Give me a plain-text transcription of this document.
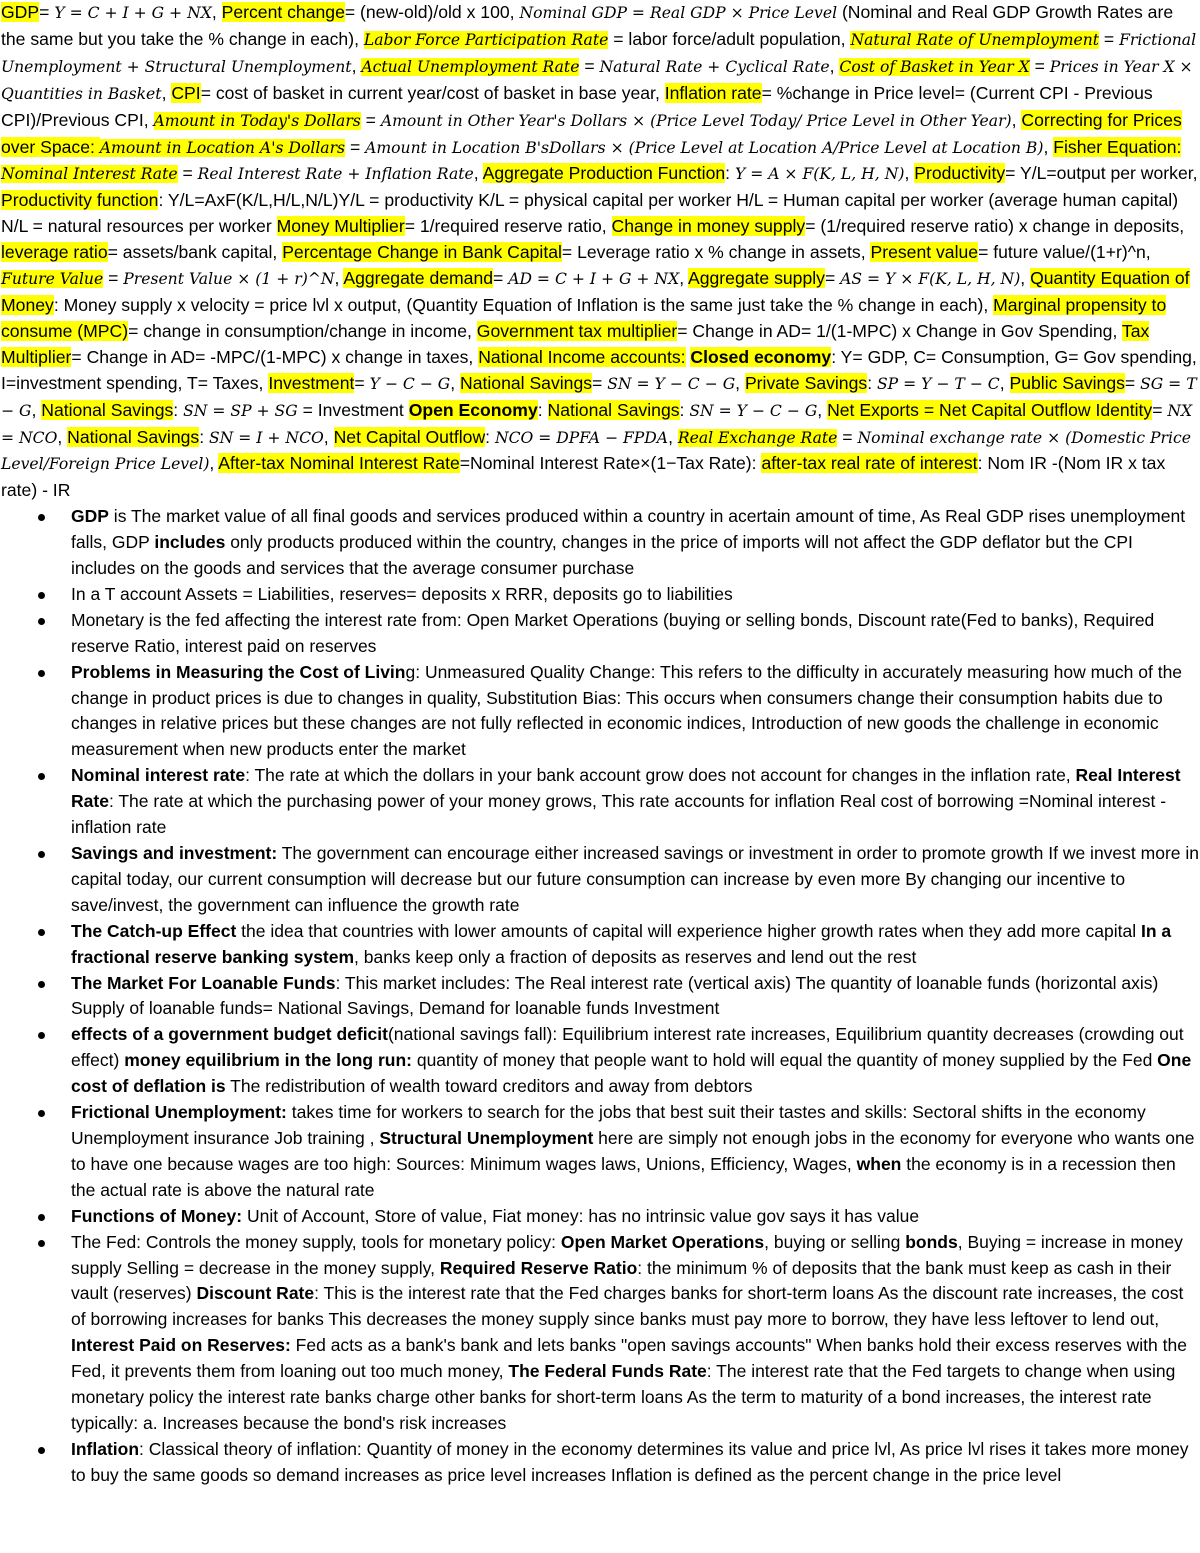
GDP= Y = C + I + G + NX, Percent change= (new-old)/old x 100, Nominal GDP = Real GDP × Price Level (Nominal and Real GDP Growth Rates are the same but you take the % change in each), Labor Force Participation Rate = labor force/adult population, Natural Rate of Unemployment = Frictional Unemployment + Structural Unemployment, Actual Unemployment Rate = Natural Rate + Cyclical Rate, Cost of Basket in Year X = Prices in Year X × Quantities in Basket, CPI= cost of basket in current year/cost of basket in base year, Inflation rate= %change in Price level= (Current CPI - Previous CPI)/Previous CPI, Amount in Today's Dollars = Amount in Other Year's Dollars × (Price Level Today/ Price Level in Other Year), Correcting for Prices over Space: Amount in Location A's Dollars = Amount in Location B'sDollars × (Price Level at Location A/Price Level at Location B), Fisher Equation: Nominal Interest Rate = Real Interest Rate + Inflation Rate, Aggregate Production Function: Y = A × F(K, L, H, N), Productivity= Y/L=output per worker, Productivity function: Y/L=AxF(K/L,H/L,N/L)Y/L = productivity K/L = physical capital per worker H/L = Human capital per worker (average human capital) N/L = natural resources per worker Money Multiplier= 1/required reserve ratio, Change in money supply= (1/required reserve ratio) x change in deposits, leverage ratio= assets/bank capital, Percentage Change in Bank Capital= Leverage ratio x % change in assets, Present value= future value/(1+r)^n, Future Value = Present Value × (1 + r)^N, Aggregate demand= AD = C + I + G + NX, Aggregate supply= AS = Y × F(K, L, H, N), Quantity Equation of Money: Money supply x velocity = price lvl x output, (Quantity Equation of Inflation is the same just take the % change in each), Marginal propensity to consume (MPC)= change in consumption/change in income, Government tax multiplier= Change in AD= 1/(1-MPC) x Change in Gov Spending, Tax Multiplier= Change in AD= -MPC/(1-MPC) x change in taxes, National Income accounts: Closed economy: Y= GDP, C= Consumption, G= Gov spending, I=investment spending, T= Taxes, Investment= Y − C − G, National Savings= SN = Y − C − G, Private Savings: SP = Y − T − C, Public Savings= SG = T − G, National Savings: SN = SP + SG = Investment Open Economy: National Savings: SN = Y − C − G, Net Exports = Net Capital Outflow Identity= NX = NCO, National Savings: SN = I + NCO, Net Capital Outflow: NCO = DPFA − FPDA, Real Exchange Rate = Nominal exchange rate × (Domestic Price Level/Foreign Price Level), After-tax Nominal Interest Rate=Nominal Interest Rate×(1−Tax Rate): after-tax real rate of interest: Nom IR -(Nom IR x tax rate) - IR

GDP is The market value of all final goods and services produced within a country in acertain amount of time, As Real GDP rises unemployment falls, GDP includes only products produced within the country, changes in the price of imports will not affect the GDP deflator but the CPI includes on the goods and services that the average consumer purchase
In a T account Assets = Liabilities, reserves= deposits x RRR, deposits go to liabilities
Monetary is the fed affecting the interest rate from: Open Market Operations (buying or selling bonds, Discount rate(Fed to banks), Required reserve Ratio, interest paid on reserves
Problems in Measuring the Cost of Living: Unmeasured Quality Change: This refers to the difficulty in accurately measuring how much of the change in product prices is due to changes in quality, Substitution Bias: This occurs when consumers change their consumption habits due to changes in relative prices but these changes are not fully reflected in economic indices, Introduction of new goods the challenge in economic measurement when new products enter the market
Nominal interest rate: The rate at which the dollars in your bank account grow does not account for changes in the inflation rate, Real Interest Rate: The rate at which the purchasing power of your money grows, This rate accounts for inflation Real cost of borrowing =Nominal interest - inflation rate
Savings and investment: The government can encourage either increased savings or investment in order to promote growth If we invest more in capital today, our current consumption will decrease but our future consumption can increase by even more By changing our incentive to save/invest, the government can influence the growth rate
The Catch-up Effect the idea that countries with lower amounts of capital will experience higher growth rates when they add more capital In a fractional reserve banking system, banks keep only a fraction of deposits as reserves and lend out the rest
The Market For Loanable Funds: This market includes: The Real interest rate (vertical axis) The quantity of loanable funds (horizontal axis) Supply of loanable funds= National Savings, Demand for loanable funds Investment
effects of a government budget deficit(national savings fall): Equilibrium interest rate increases, Equilibrium quantity decreases (crowding out effect) money equilibrium in the long run: quantity of money that people want to hold will equal the quantity of money supplied by the Fed One cost of deflation is The redistribution of wealth toward creditors and away from debtors
Frictional Unemployment: takes time for workers to search for the jobs that best suit their tastes and skills: Sectoral shifts in the economy Unemployment insurance Job training , Structural Unemployment here are simply not enough jobs in the economy for everyone who wants one to have one because wages are too high: Sources: Minimum wages laws, Unions, Efficiency, Wages, when the economy is in a recession then the actual rate is above the natural rate
Functions of Money: Unit of Account, Store of value, Fiat money: has no intrinsic value gov says it has value
The Fed: Controls the money supply, tools for monetary policy: Open Market Operations, buying or selling bonds, Buying = increase in money supply Selling = decrease in the money supply, Required Reserve Ratio: the minimum % of deposits that the bank must keep as cash in their vault (reserves) Discount Rate: This is the interest rate that the Fed charges banks for short-term loans As the discount rate increases, the cost of borrowing increases for banks This decreases the money supply since banks must pay more to borrow, they have less leftover to lend out, Interest Paid on Reserves: Fed acts as a bank's bank and lets banks "open savings accounts" When banks hold their excess reserves with the Fed, it prevents them from loaning out too much money, The Federal Funds Rate: The interest rate that the Fed targets to change when using monetary policy the interest rate banks charge other banks for short-term loans As the term to maturity of a bond increases, the interest rate typically: a. Increases because the bond's risk increases
Inflation: Classical theory of inflation: Quantity of money in the economy determines its value and price lvl, As price lvl rises it takes more money to buy the same goods so demand increases as price level increases Inflation is defined as the percent change in the price level
